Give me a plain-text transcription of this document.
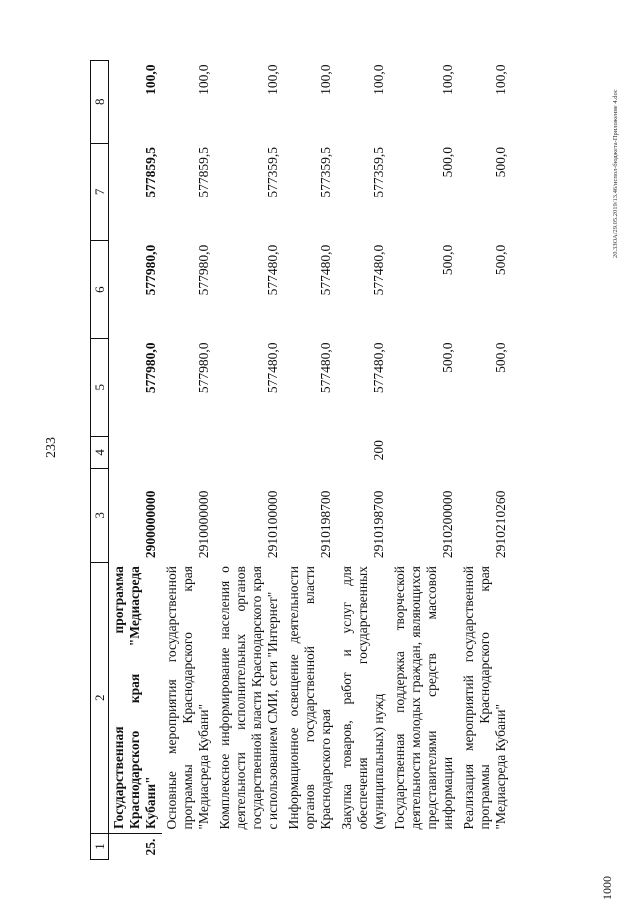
233
20.3ЗОА/29.05.2019/13.46/испол-бюджета-Приложение 4.doc
1000
1	2	3	4	5	6	7	8
25.	Государственная программа Краснодарского края "Медиасреда Кубани"	2900000000		577980,0	577980,0	577859,5	100,0
	Основные мероприятия государственной программы Краснодарского края "Медиасреда Кубани"	2910000000		577980,0	577980,0	577859,5	100,0
	Комплексное информирование населения о деятельности исполнительных органов государственной власти Краснодарского края с использованием СМИ, сети "Интернет"	2910100000		577480,0	577480,0	577359,5	100,0
	Информационное освещение деятельности органов государственной власти Краснодарского края	2910198700		577480,0	577480,0	577359,5	100,0
	Закупка товаров, работ и услуг для обеспечения государственных (муниципальных) нужд	2910198700	200	577480,0	577480,0	577359,5	100,0
	Государственная поддержка творческой деятельности молодых граждан, являющихся представителями средств массовой информации	2910200000		500,0	500,0	500,0	100,0
	Реализация мероприятий государственной программы Краснодарского края "Медиасреда Кубани"	2910210260		500,0	500,0	500,0	100,0
